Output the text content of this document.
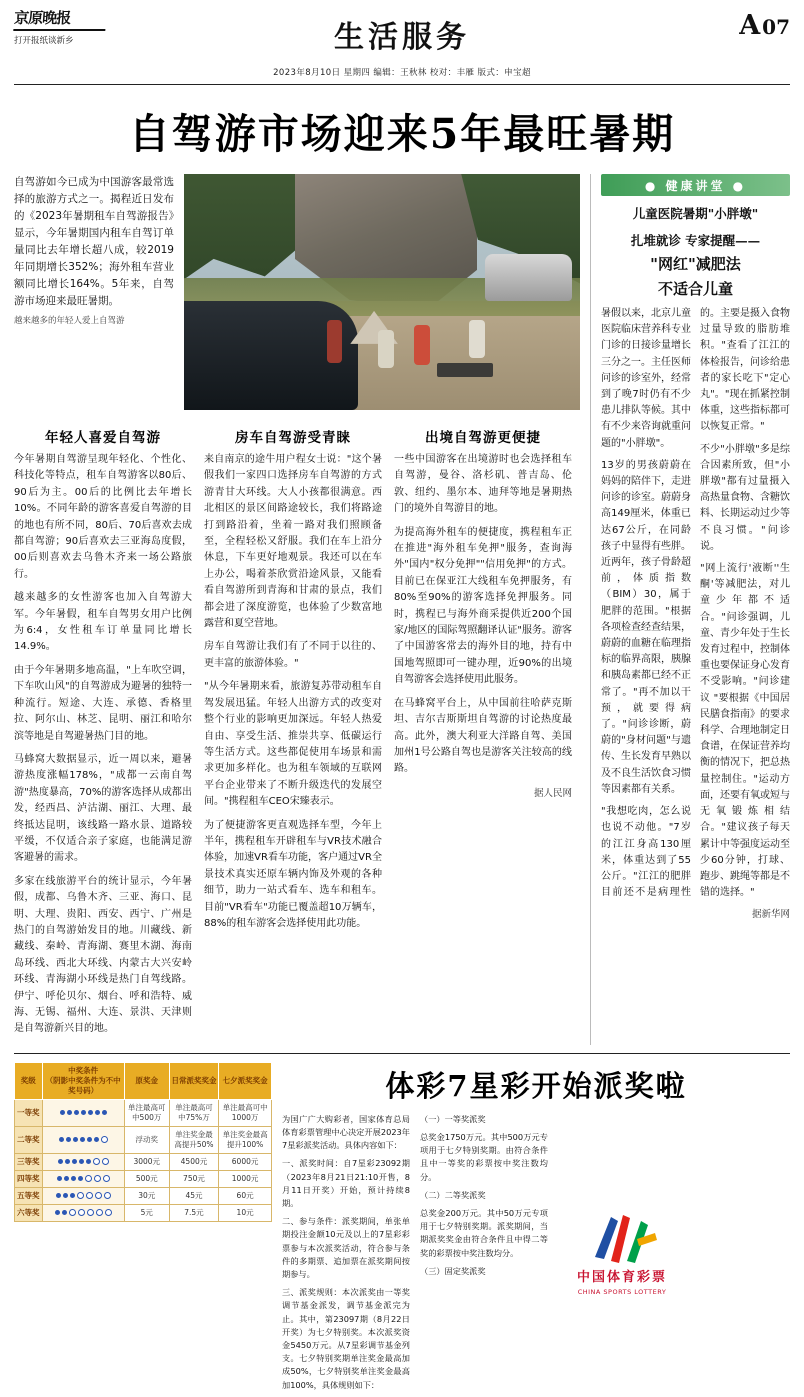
京原晚报
打开报纸谈新乡	生活服务	A 07
2023年8月10日 星期四 编辑：王秋林 校对：丰雁 版式：申宝超
自驾游市场迎来5年最旺暑期
自驾游如今已成为中国游客最常选择的旅游方式之一。揭程近日发布的《2023年暑期租车自驾游报告》显示，今年暑期国内租车自驾订单量同比去年增长超八成，较2019年同期增长352%；海外租车营业额同比增长164%。5年来，自驾游市场迎来最旺暑期。
越来越多的年轻人爱上自驾游
年轻人喜爱自驾游
今年暑期自驾游呈现年轻化、个性化、科技化等特点，租车自驾游客以80后、90后为主。00后的比例比去年增长10%。不同年龄的游客喜爱自驾游的目的地也有所不同，80后、70后喜欢去成都自驾游；90后喜欢去三亚海岛度假，00后则喜欢去乌鲁木齐来一场公路旅行。
越来越多的女性游客也加入自驾游大军。今年暑假，租车自驾男女用户比例为6:4，女性租车订单量同比增长14.9%。
由于今年暑期多地高温，"上车吹空调，下车吹山风"的自驾游成为避暑的独特一种流行。短途、大连、承德、香格里拉、阿尔山、林芝、昆明、丽江和哈尔滨等地是自驾避暑热门目的地。
马蜂窝大数据显示，近一周以来，避暑游热度涨幅178%，"成都一云南自驾游"热度暴高，70%的游客选择从成都出发，经西昌、泸沽湖、丽江、大理、最终抵达昆明，该线路一路水景、道路较平缓，不仅适合亲子家庭，也能满足游客避暑的需求。
多家在线旅游平台的统计显示，今年暑假，成都、乌鲁木齐、三亚、海口、昆明、大理、贵阳、西安、西宁、广州是热门的自驾游始发目的地。川藏线、新藏线、秦岭、青海湖、赛里木湖、海南岛环线、西北大环线、内蒙古大兴安岭环线、青海湖小环线是热门自驾线路。伊宁、呼伦贝尔、烟台、呼和浩特、威海、无锡、福州、大连、景洪、天津则是自驾游新兴目的地。
房车自驾游受青睐
来自南京的途牛用户程女士说："这个暑假我们一家四口选择房车自驾游的方式游青甘大环线。大人小孩都很满意。西北相区的景区间路途较长，我们将路途打到路沿着，坐着一路对我们照顾备至，全程轻松又舒服。我们在车上沿分休息，下车更好地观景。我还可以在车上办公，喝着茶欣赏沿途风景，又能看看自驾游所到青海和甘肃的景点，我们都会进了深度游览，也体验了少数富地露营和夏空营地。
房车自驾游让我们有了不同于以往的、更丰富的旅游体验。"
"从今年暑期来看，旅游复苏带动租车自驾发展迅猛。年轻人出游方式的改变对整个行业的影响更加深远。年轻人热爱自由、享受生活、推崇共享、低碳运行等生活方式。这些都促使用车场景和需求更加多样化。也为租车领域的互联网平台企业带来了不断升级迭代的发展空间。"携程租车CEO宋臻表示。
为了便捷游客更直观选择车型，今年上半年，携程租车开辟租车与VR技术融合体验，加速VR看车功能，客户通过VR全景技术真实还原车辆内饰及外观的各种细节，助力一站式看车、选车和租车。目前"VR看车"功能已覆盖超10万辆车，88%的租车游客会选择使用此功能。
出境自驾游更便捷
一些中国游客在出境游时也会选择租车自驾游，曼谷、洛杉矶、普吉岛、伦敦、纽约、墨尔本、迪拜等地是暑期热门的境外自驾游目的地。
为提高海外租车的便捷度，携程租车正在推进"海外租车免押"服务，查询海外"国内"权分免押""信用免押"的方式。目前已在保亚江大线租车免押服务，有80%至90%的游客选择免押服务。同时，携程已与海外商采提供近200个国家/地区的国际驾照翻译认证"服务。游客了中国游客常去的海外目的地，持有中国地驾照即可一键办理，近90%的出境自驾游客会选择使用此服务。
在马蜂窝平台上，从中国前往哈萨克斯坦、吉尔吉斯斯坦自驾游的讨论热度最高。此外，澳大利亚大洋路自驾、美国加州1号公路自驾也是游客关注较高的线路。
据人民网
● 健康讲堂 ●
儿童医院暑期"小胖墩"
扎堆就诊 专家提醒——
"网红"减肥法
不适合儿童

暑假以来，北京儿童医院临床营养科专业门诊的日接诊量增长三分之一。主任医师问诊的诊室外，经常到了晚7时仍有不少患儿排队等候。其中有不少来咨询就重问题的"小胖墩"。

13岁的男孩蔚蔚在妈妈的陪伴下，走进问诊的诊室。蔚蔚身高149厘米，体重已达67公斤，在同龄孩子中显得有些胖。近两年，孩子骨龄超前，体质指数（BIM）30，属于肥胖的范围。"根据各项检查经查结果，蔚蔚的血糖在临理指标的临界高限，胰腺和胰岛素都已经不正常了。"再不加以干预，就要得病了。"问诊诊断，蔚蔚的"身材问题"与遗传、生长发育早熟以及不良生活饮食习惯等因素都有关系。

"我想吃肉，怎么说也说不动他。"7岁的江江身高130厘米，体重达到了55公斤。"江江的肥胖目前还不是病理性的。主要是摄入食物过量导致的脂肪堆积。"查看了江江的体检报告，问诊给患者的家长吃下"定心丸"。"现在抓紧控制体重，这些指标都可以恢复正常。"

不少"小胖墩"多是综合因素所致，但"小胖墩"都有过量摄入高热量食物、含糖饮料、长期运动过少等不良习惯。"问诊说。

"网上流行'液断''生酮'等减肥法，对儿童少年都不适合。"问诊强调，儿童、青少年处于生长发育过程中，控制体重也要保证身心发育不受影响。"问诊建议 "要根据《中国居民膳食指南》的要求科学、合理地制定日食谱，在保证营养均衡的情况下，把总热量控制住。"运动方面，还要有氧或短与无氧锻炼相结合。"建议孩子每天累计中等强度运动至少60分钟，打球、跑步、跳绳等都是不错的选择。"

据新华网
奖级	中奖条件
（阴影中奖条件为不中奖号码）	原奖金	日常派奖奖金	七夕派奖奖金
一等奖		单注最高可中500万	单注最高可中75%万	单注最高可中1000万
二等奖		浮动奖	单注奖金最高提升50%	单注奖金最高提升100%
三等奖		3000元	4500元	6000元
四等奖		500元	750元	1000元
五等奖		30元	45元	60元
六等奖		5元	7.5元	10元
体彩7星彩开始派奖啦

为国广广大购彩者，国家体育总局体育彩票管理中心决定开展2023年7星彩派奖活动。具体内容如下：

一、派奖时间：自7星彩23092期（2023年8月21日21:10开售，8月11日开奖）开始，预计持续8期。

二、参与条件：派奖期间，单张单期投注金额10元及以上的7星彩彩票参与本次派奖活动，符合参与条件的多期票、追加票在派奖期间按期参与。

三、派奖规则：本次派奖由一等奖调节基金派发，调节基金派完为止。其中，第23097期（8月22日开奖）为七夕特别奖。本次派奖资金5450万元。从7星彩调节基金列支。七夕特别奖期单注奖金最高加成50%，七夕特别奖单注奖金最高加100%，具体规则如下：

（一）一等奖派奖

总奖金1750万元。其中500万元专项用于七夕特别奖期。由符合条件且中一等奖的彩票按中奖注数均分。

（二）二等奖派奖

总奖金200万元。其中50万元专项用于七夕特别奖期。派奖期间，当期派奖奖金由符合条件且中得二等奖的彩票按中奖注数均分。

（三）固定奖派奖	中国体育彩票
CHINA SPORTS LOTTERY
